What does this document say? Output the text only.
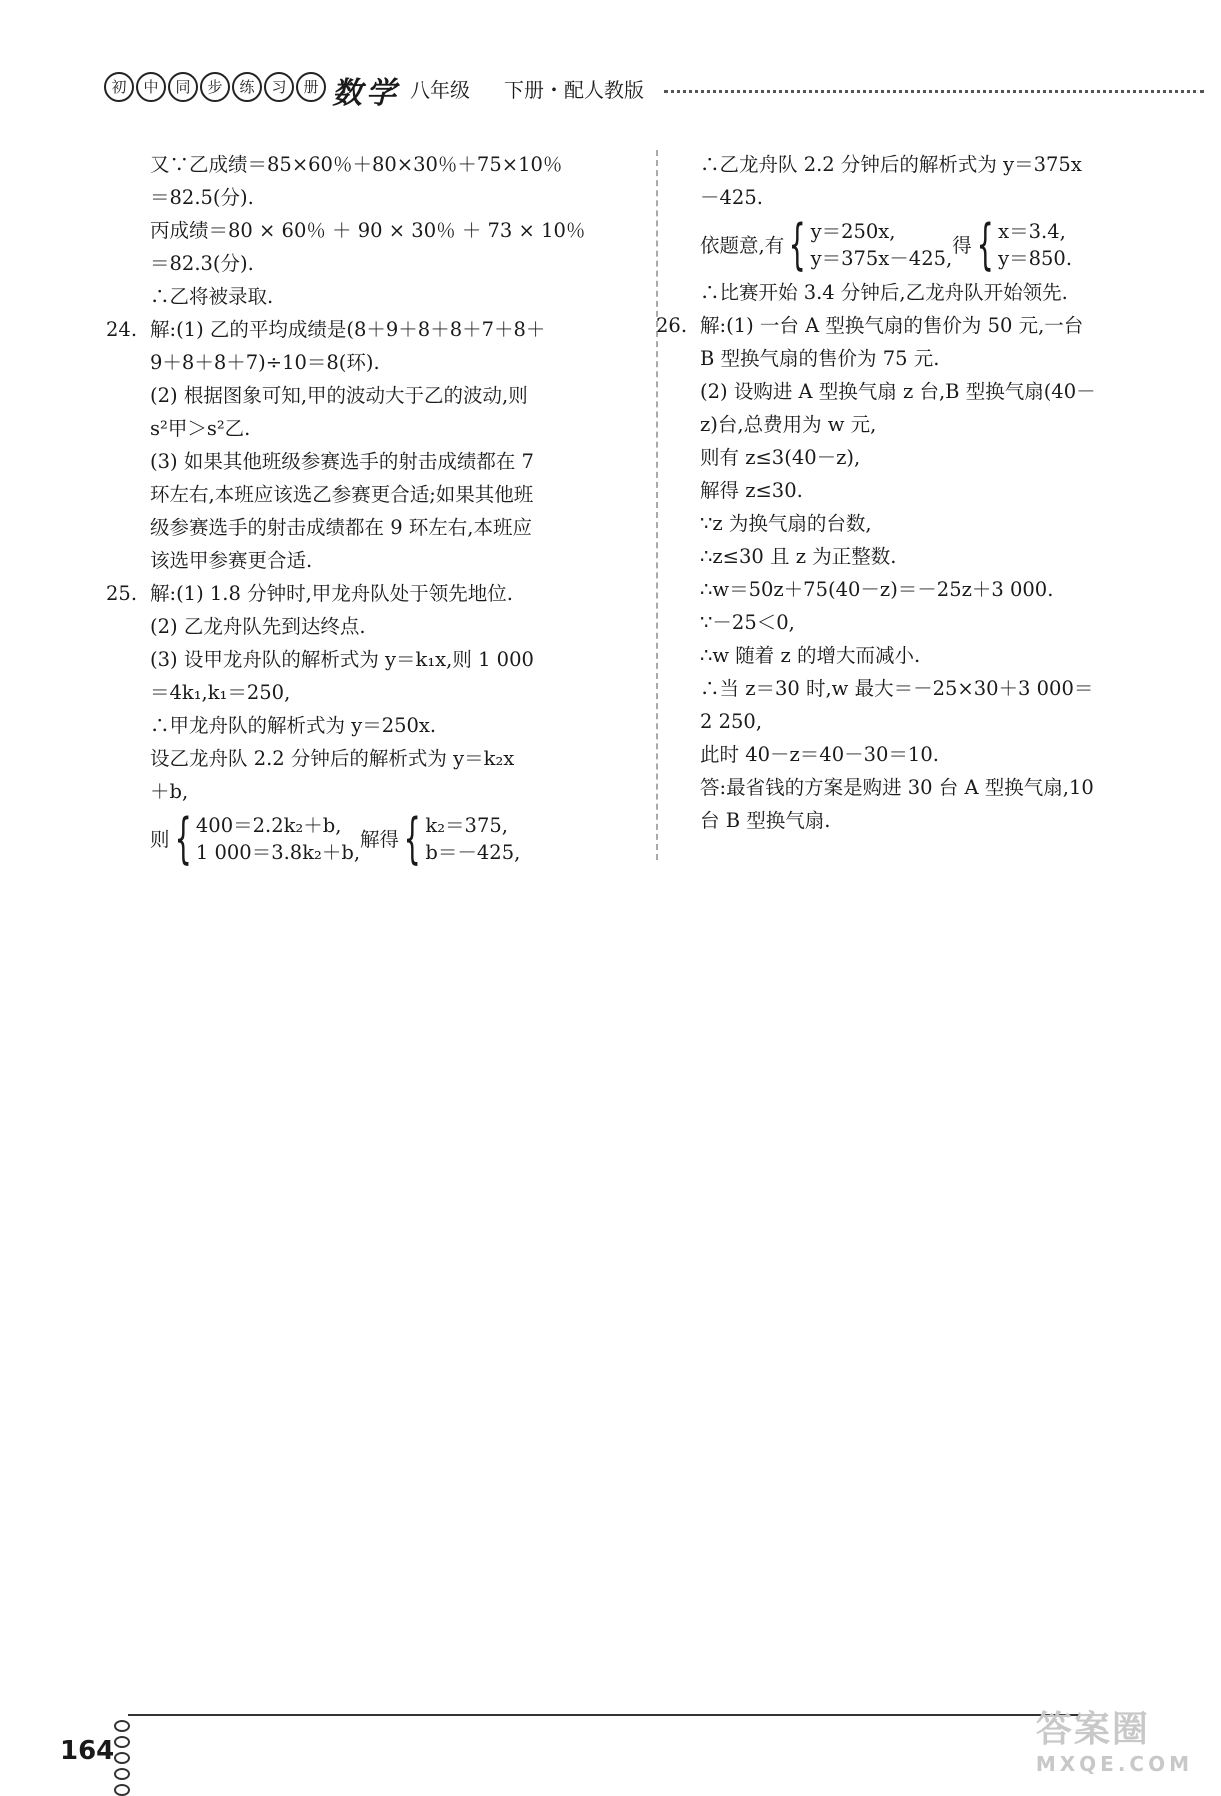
初	中	同	步	练	习	册 数学 八年级 下册・配人教版
又∵乙成绩＝85×60％＋80×30％＋75×10％
＝82.5(分).
丙成绩＝80 × 60％ ＋ 90 × 30％ ＋ 73 × 10％
＝82.3(分).
∴乙将被录取.
24. 解:(1) 乙的平均成绩是(8＋9＋8＋8＋7＋8＋
9＋8＋8＋7)÷10＝8(环).
(2) 根据图象可知,甲的波动大于乙的波动,则
s²甲＞s²乙.
(3) 如果其他班级参赛选手的射击成绩都在 7
环左右,本班应该选乙参赛更合适;如果其他班
级参赛选手的射击成绩都在 9 环左右,本班应
该选甲参赛更合适.
25. 解:(1) 1.8 分钟时,甲龙舟队处于领先地位.
(2) 乙龙舟队先到达终点.
(3) 设甲龙舟队的解析式为 y＝k₁x,则 1 000
＝4k₁,k₁＝250,
∴甲龙舟队的解析式为 y＝250x.
设乙龙舟队 2.2 分钟后的解析式为 y＝k₂x
＋b,
则 { 400＝2.2k₂＋b,
1 000＝3.8k₂＋b,
解得 { k₂＝375,
b＝－425,
∴乙龙舟队 2.2 分钟后的解析式为 y＝375x
－425.
依题意,有 { y＝250x,
y＝375x－425,
得 { x＝3.4,
y＝850.
∴比赛开始 3.4 分钟后,乙龙舟队开始领先.
26. 解:(1) 一台 A 型换气扇的售价为 50 元,一台
B 型换气扇的售价为 75 元.
(2) 设购进 A 型换气扇 z 台,B 型换气扇(40－
z)台,总费用为 w 元,
则有 z≤3(40－z),
解得 z≤30.
∵z 为换气扇的台数,
∴z≤30 且 z 为正整数.
∴w＝50z＋75(40－z)＝－25z＋3 000.
∵－25＜0,
∴w 随着 z 的增大而减小.
∴当 z＝30 时,w 最大＝－25×30＋3 000＝
2 250,
此时 40－z＝40－30＝10.
答:最省钱的方案是购进 30 台 A 型换气扇,10
台 B 型换气扇.
164
答案圈
MXQE.COM
